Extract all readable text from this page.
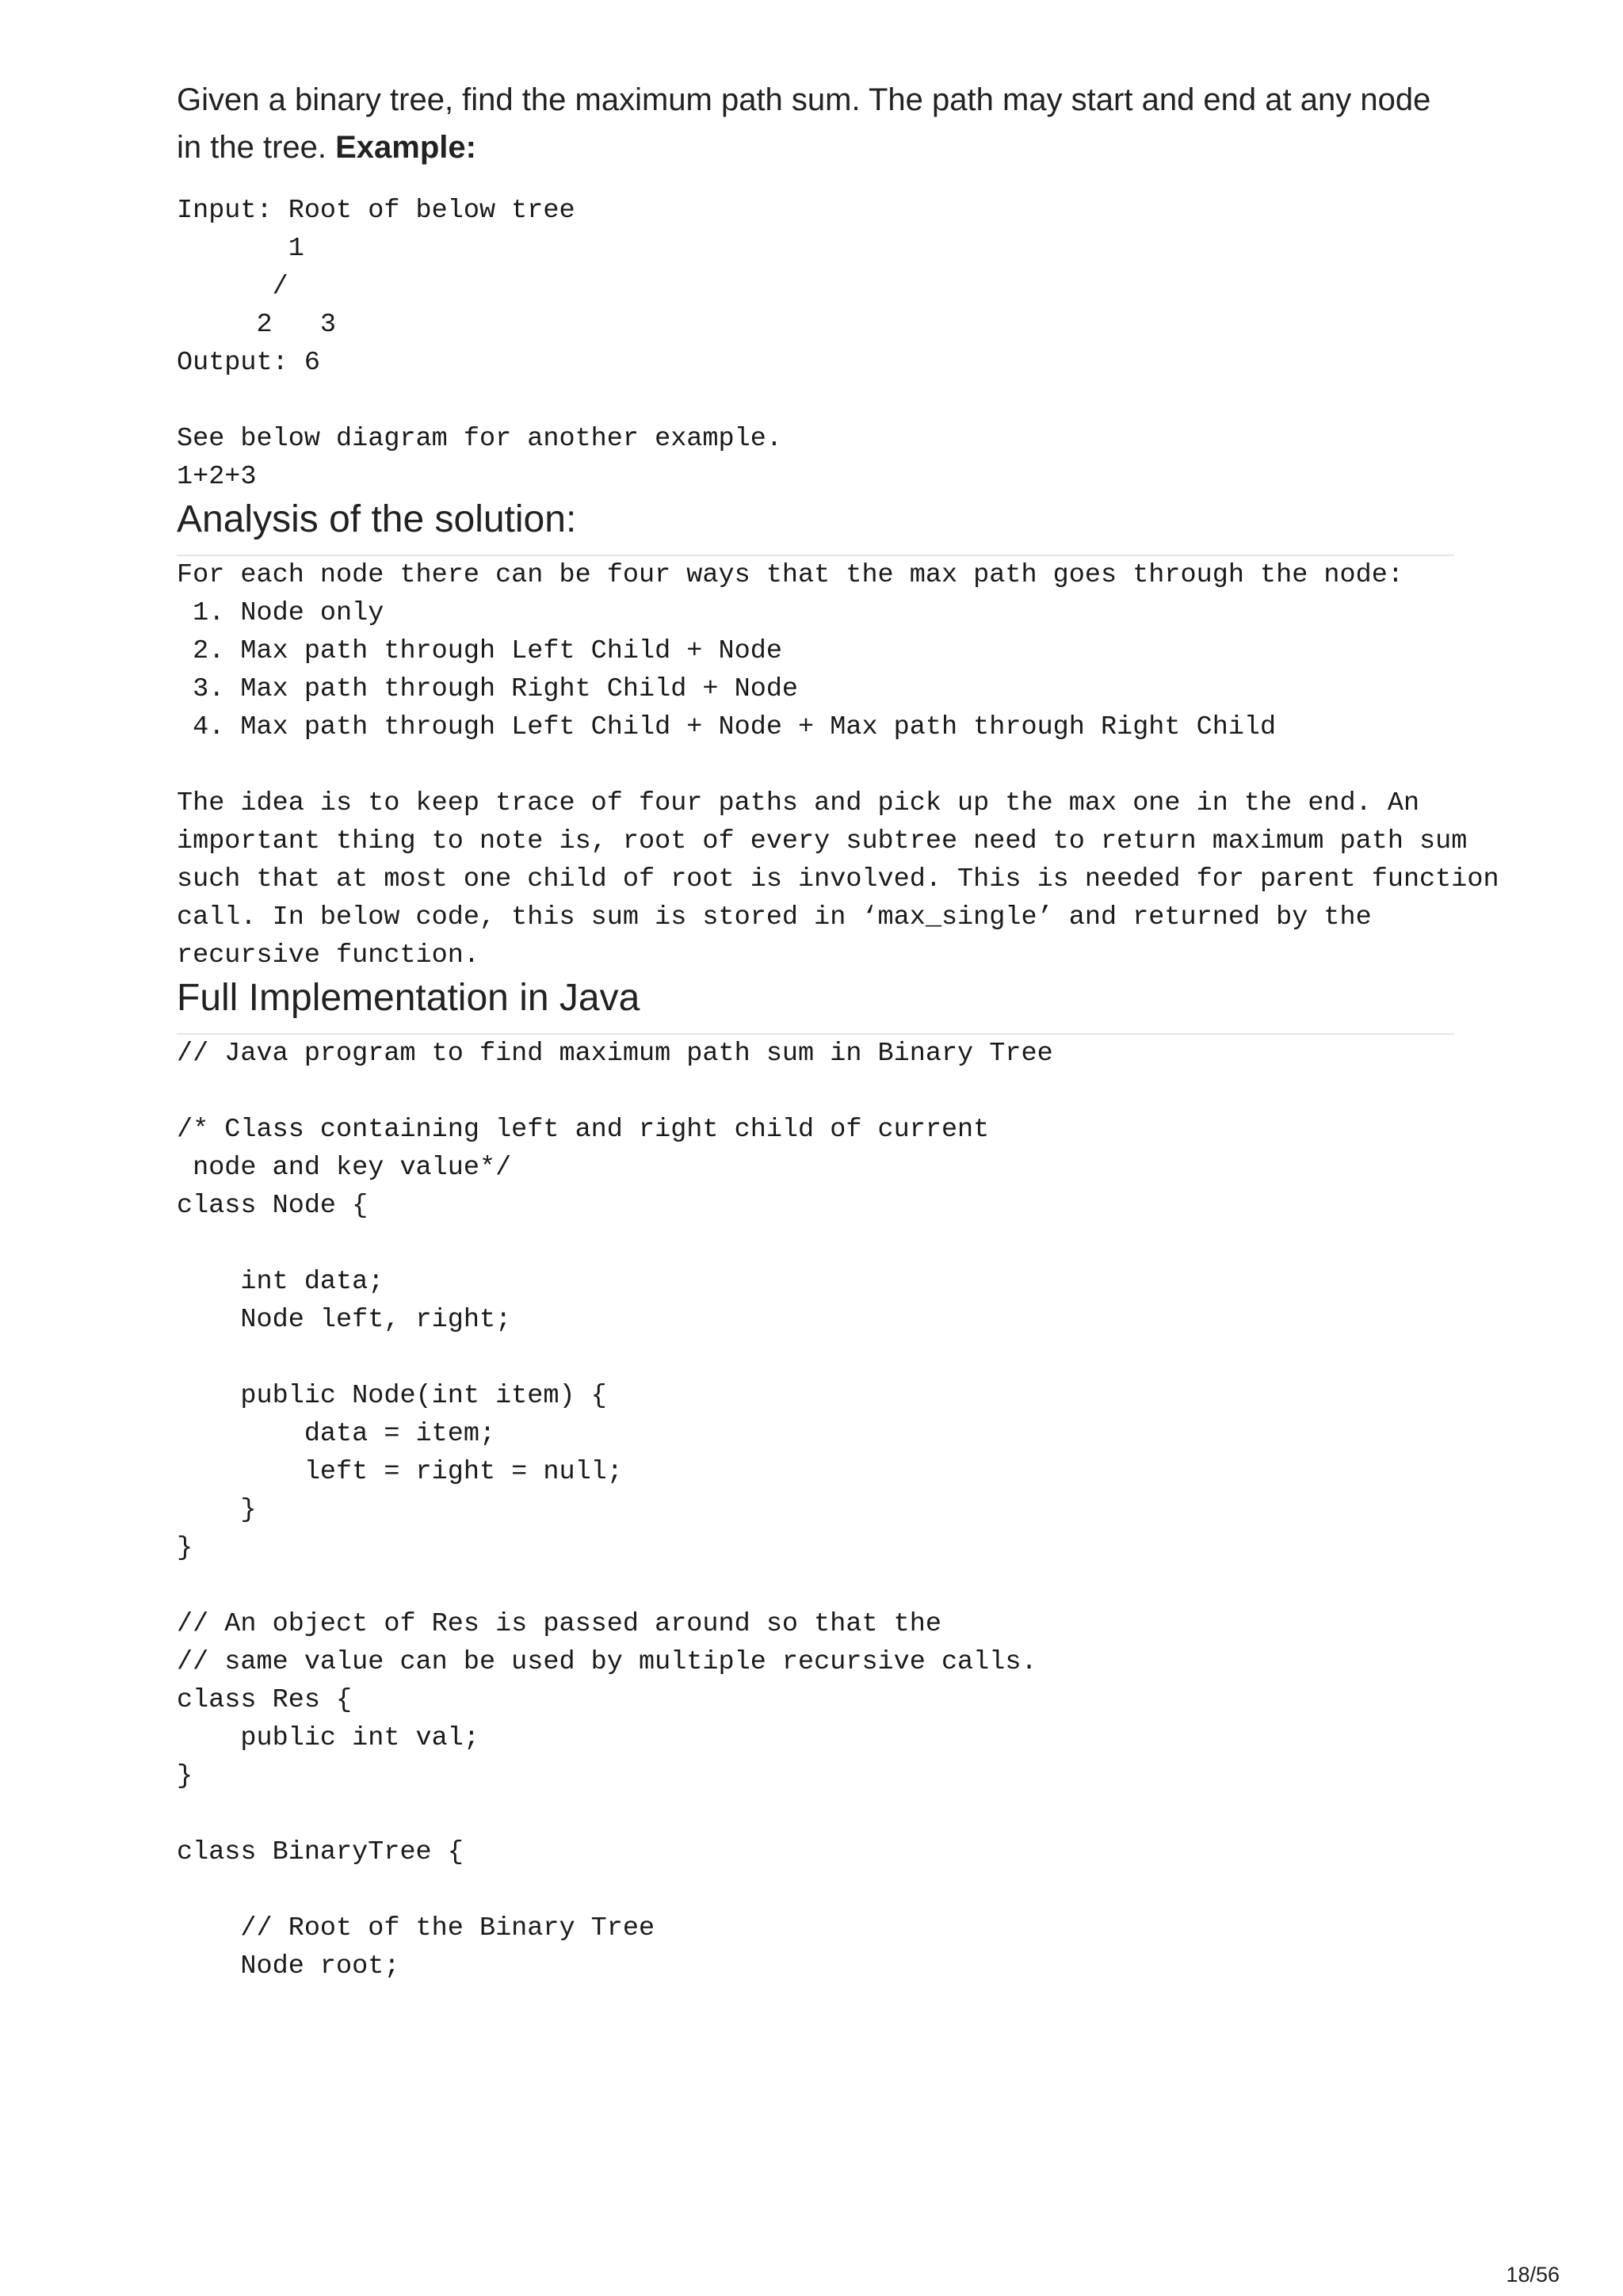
Given a binary tree, find the maximum path sum. The path may start and end at any node in the tree. Example:

Input: Root of below tree
1
/
2   3
Output: 6

See below diagram for another example.
1+2+3
Analysis of the solution:
For each node there can be four ways that the max path goes through the node:
1. Node only
2. Max path through Left Child + Node
3. Max path through Right Child + Node
4. Max path through Left Child + Node + Max path through Right Child
The idea is to keep trace of four paths and pick up the max one in the end. An
important thing to note is, root of every subtree need to return maximum path sum
such that at most one child of root is involved. This is needed for parent function
call. In below code, this sum is stored in ‘max_single’ and returned by the
recursive function.
Full Implementation in Java
// Java program to find maximum path sum in Binary Tree

/* Class containing left and right child of current
node and key value*/
class Node {

int data;
Node left, right;

public Node(int item) {
data = item;
left = right = null;
}
}

// An object of Res is passed around so that the
// same value can be used by multiple recursive calls.
class Res {
public int val;
}

class BinaryTree {

// Root of the Binary Tree
Node root;
18/56
